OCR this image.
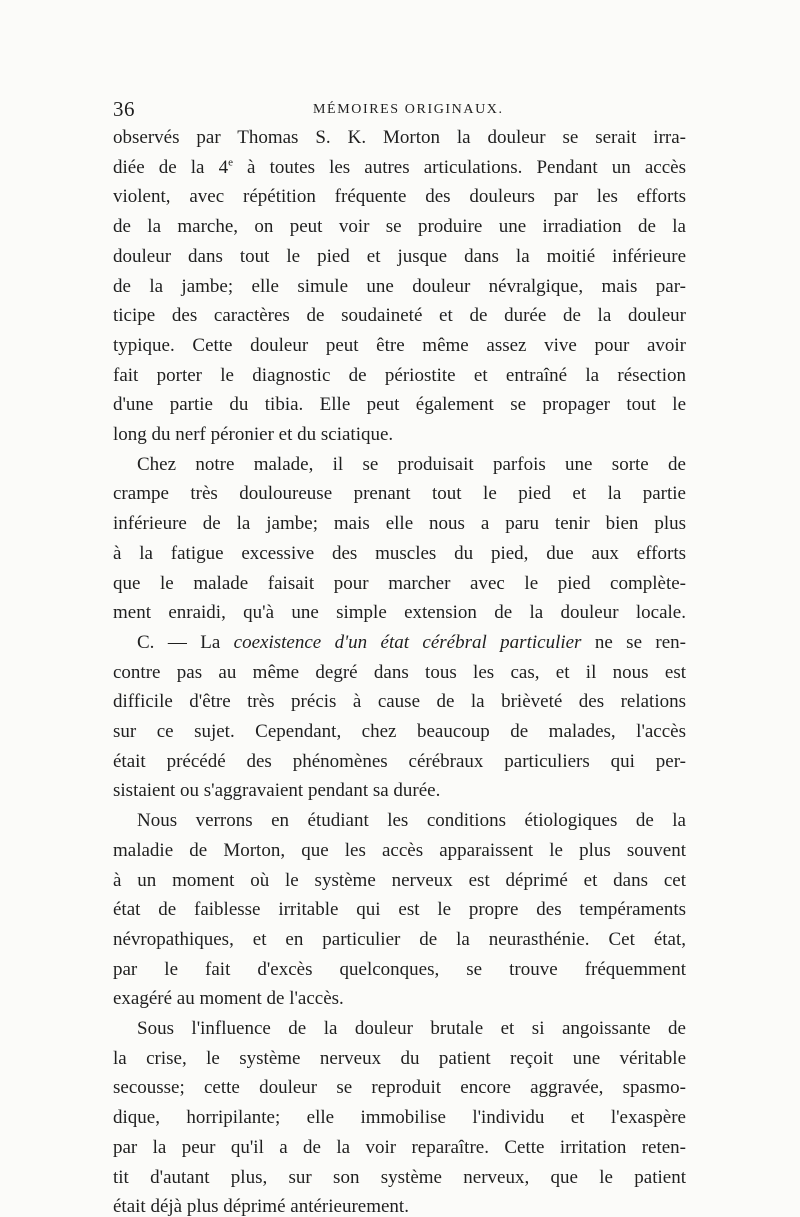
36	MÉMOIRES ORIGINAUX.
observés par Thomas S. K. Morton la douleur se serait irra-
diée de la 4e à toutes les autres articulations. Pendant un accès
violent, avec répétition fréquente des douleurs par les efforts
de la marche, on peut voir se produire une irradiation de la
douleur dans tout le pied et jusque dans la moitié inférieure
de la jambe; elle simule une douleur névralgique, mais par-
ticipe des caractères de soudaineté et de durée de la douleur
typique. Cette douleur peut être même assez vive pour avoir
fait porter le diagnostic de périostite et entraîné la résection
d'une partie du tibia. Elle peut également se propager tout le
long du nerf péronier et du sciatique.
Chez notre malade, il se produisait parfois une sorte de
crampe très douloureuse prenant tout le pied et la partie
inférieure de la jambe; mais elle nous a paru tenir bien plus
à la fatigue excessive des muscles du pied, due aux efforts
que le malade faisait pour marcher avec le pied complète-
ment enraidi, qu'à une simple extension de la douleur locale.
C. — La coexistence d'un état cérébral particulier ne se ren-
contre pas au même degré dans tous les cas, et il nous est
difficile d'être très précis à cause de la brièveté des relations
sur ce sujet. Cependant, chez beaucoup de malades, l'accès
était précédé des phénomènes cérébraux particuliers qui per-
sistaient ou s'aggravaient pendant sa durée.
Nous verrons en étudiant les conditions étiologiques de la
maladie de Morton, que les accès apparaissent le plus souvent
à un moment où le système nerveux est déprimé et dans cet
état de faiblesse irritable qui est le propre des tempéraments
névropathiques, et en particulier de la neurasthénie. Cet état,
par le fait d'excès quelconques, se trouve fréquemment
exagéré au moment de l'accès.
Sous l'influence de la douleur brutale et si angoissante de
la crise, le système nerveux du patient reçoit une véritable
secousse; cette douleur se reproduit encore aggravée, spasmo-
dique, horripilante; elle immobilise l'individu et l'exaspère
par la peur qu'il a de la voir reparaître. Cette irritation reten-
tit d'autant plus, sur son système nerveux, que le patient
était déjà plus déprimé antérieurement.
